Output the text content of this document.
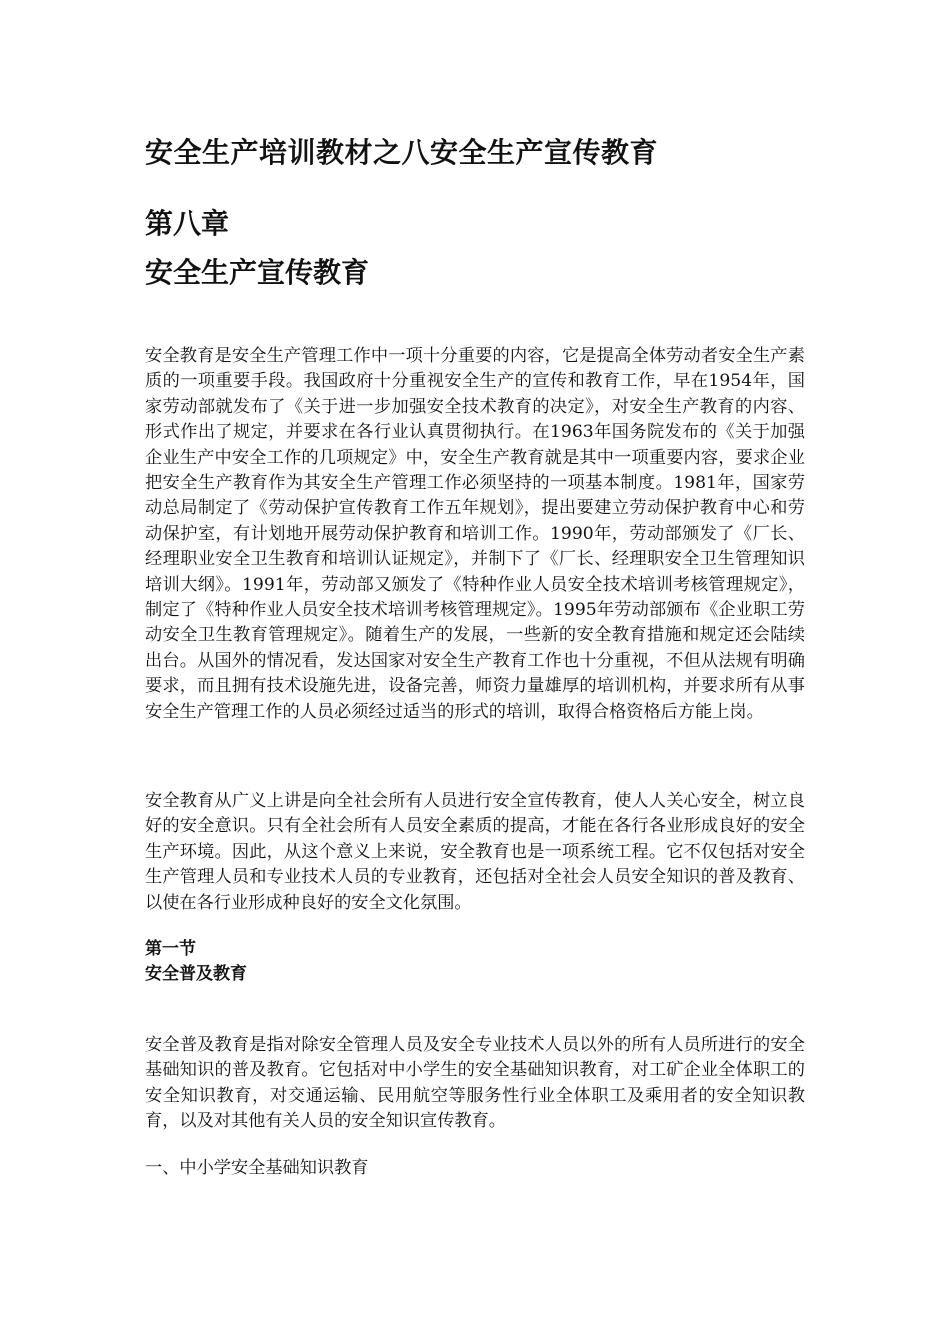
安全生产培训教材之八安全生产宣传教育
第八章
安全生产宣传教育

安全教育是安全生产管理工作中一项十分重要的内容，它是提高全体劳动者安全生产素质的一项重要手段。我国政府十分重视安全生产的宣传和教育工作，早在1954年，国家劳动部就发布了《关于进一步加强安全技术教育的决定》，对安全生产教育的内容、形式作出了规定，并要求在各行业认真贯彻执行。在1963年国务院发布的《关于加强企业生产中安全工作的几项规定》中，安全生产教育就是其中一项重要内容，要求企业把安全生产教育作为其安全生产管理工作必须坚持的一项基本制度。1981年，国家劳动总局制定了《劳动保护宣传教育工作五年规划》，提出要建立劳动保护教育中心和劳动保护室，有计划地开展劳动保护教育和培训工作。1990年，劳动部颁发了《厂长、经理职业安全卫生教育和培训认证规定》，并制下了《厂长、经理职安全卫生管理知识培训大纲》。1991年，劳动部又颁发了《特种作业人员安全技术培训考核管理规定》，制定了《特种作业人员安全技术培训考核管理规定》。1995年劳动部颁布《企业职工劳动安全卫生教育管理规定》。随着生产的发展，一些新的安全教育措施和规定还会陆续出台。从国外的情况看，发达国家对安全生产教育工作也十分重视，不但从法规有明确要求，而且拥有技术设施先进，设备完善，师资力量雄厚的培训机构，并要求所有从事安全生产管理工作的人员必须经过适当的形式的培训，取得合格资格后方能上岗。

安全教育从广义上讲是向全社会所有人员进行安全宣传教育，使人人关心安全，树立良好的安全意识。只有全社会所有人员安全素质的提高，才能在各行各业形成良好的安全生产环境。因此，从这个意义上来说，安全教育也是一项系统工程。它不仅包括对安全生产管理人员和专业技术人员的专业教育，还包括对全社会人员安全知识的普及教育、以使在各行业形成种良好的安全文化氛围。

第一节
安全普及教育

安全普及教育是指对除安全管理人员及安全专业技术人员以外的所有人员所进行的安全基础知识的普及教育。它包括对中小学生的安全基础知识教育，对工矿企业全体职工的安全知识教育，对交通运输、民用航空等服务性行业全体职工及乘用者的安全知识教育，以及对其他有关人员的安全知识宣传教育。

一、中小学安全基础知识教育
